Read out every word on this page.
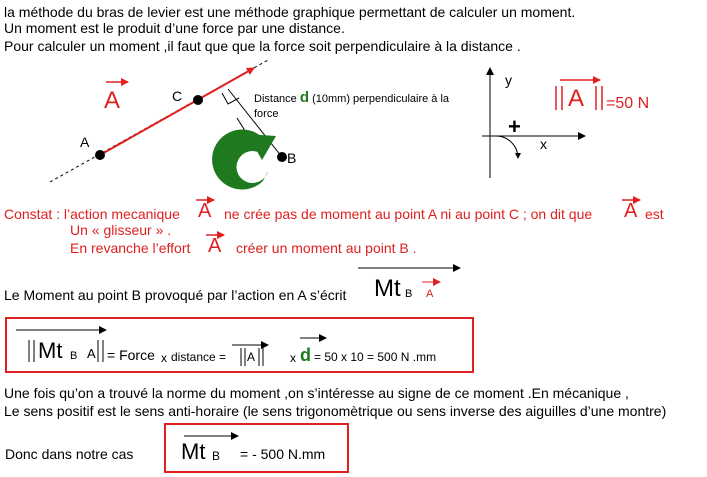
la méthode du bras de levier est une méthode graphique permettant de calculer un moment.
Un moment est le produit d’une force par une distance.
Pour calculer un moment ,il faut que que la force soit perpendiculaire à la distance .
A
A
C
B
Distance d (10mm) perpendiculaire à la
force
y
x
+
A =50 N
Constat : l’action mecanique A ne crée pas de moment au point A ni au point C ; on dit que A est
Un « glisseur » .
En revanche l’effort A créer un moment au point B .
Le Moment au point B provoqué par l’action en A s’écrit Mt B A
Mt B A = Force x distance = A	x d = 50 x 10 = 500 N .mm
Une fois qu’on a trouvé la norme du moment ,on s’intéresse au signe de ce moment .En mécanique ,
Le sens positif est le sens anti-horaire (le sens trigonomètrique ou sens inverse des aiguilles d’une montre)
Donc dans notre cas Mt B = - 500 N.mm
